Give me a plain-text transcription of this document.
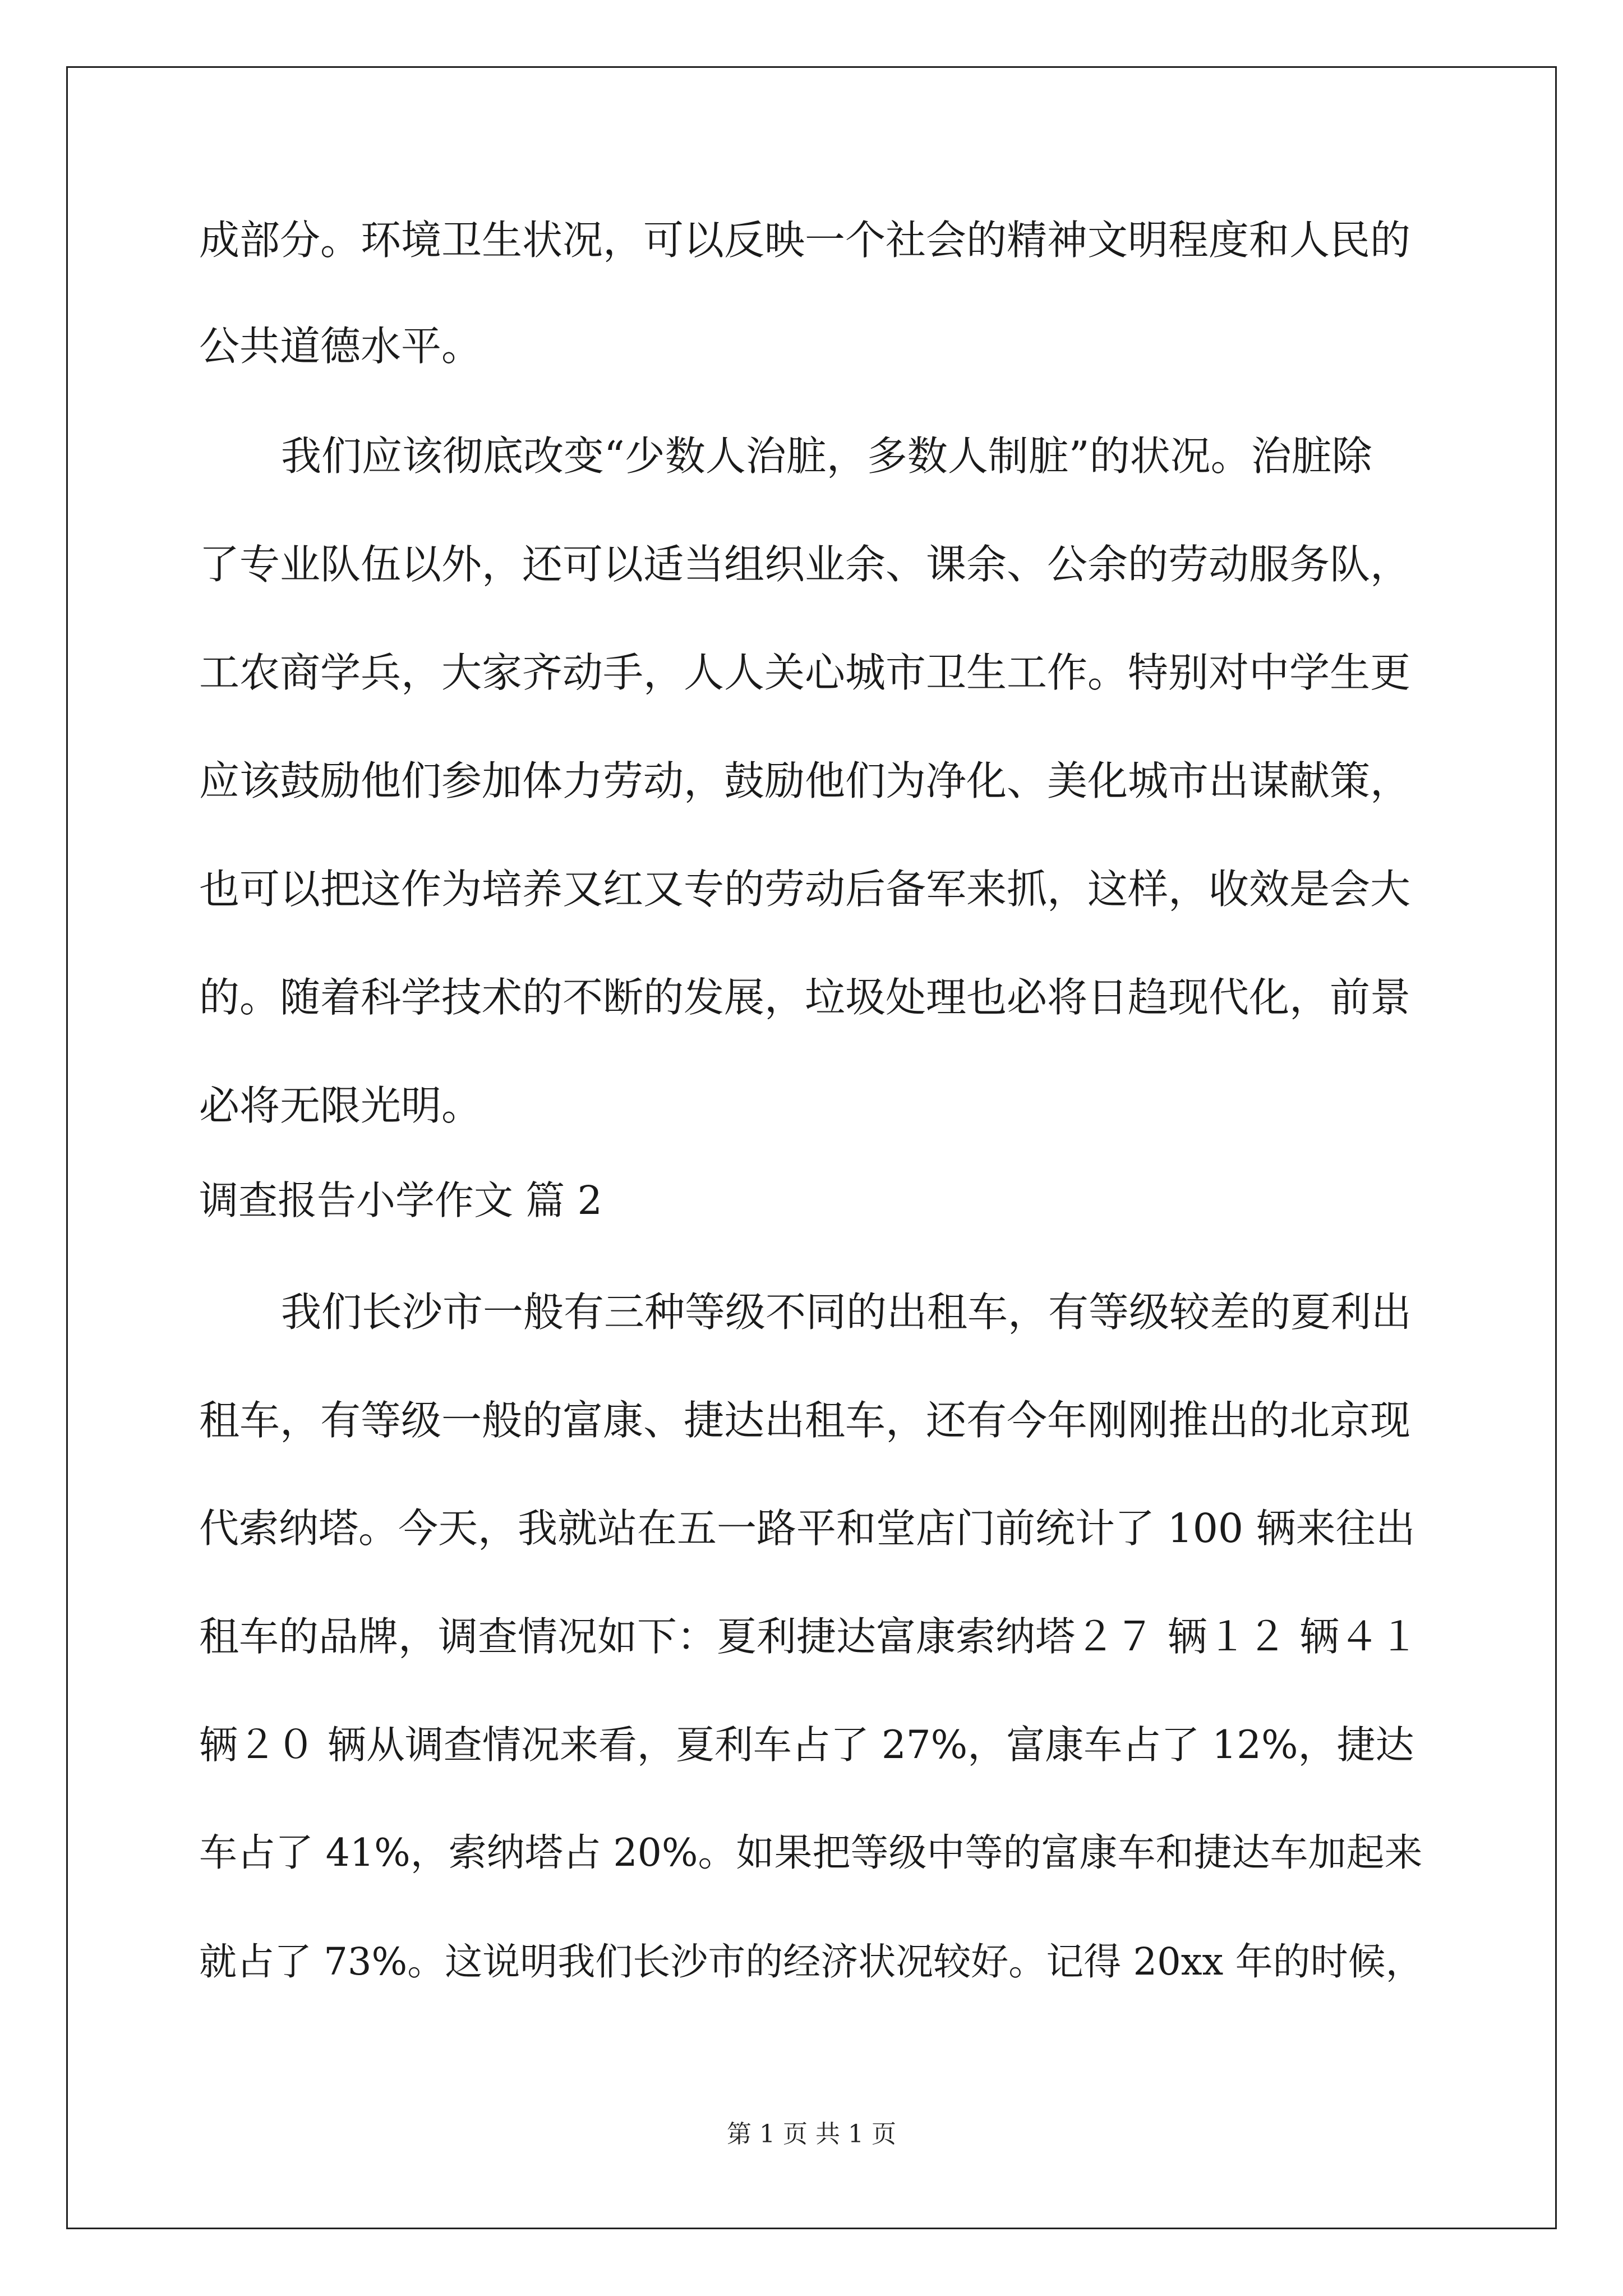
成部分。环境卫生状况，可以反映一个社会的精神文明程度和人民的
公共道德水平。
我们应该彻底改变“少数人治脏，多数人制脏”的状况。治脏除
了专业队伍以外，还可以适当组织业余、课余、公余的劳动服务队，
工农商学兵，大家齐动手，人人关心城市卫生工作。特别对中学生更
应该鼓励他们参加体力劳动，鼓励他们为净化、美化城市出谋献策，
也可以把这作为培养又红又专的劳动后备军来抓，这样，收效是会大
的。随着科学技术的不断的发展，垃圾处理也必将日趋现代化，前景
必将无限光明。
调查报告小学作文 篇 2
我们长沙市一般有三种等级不同的出租车，有等级较差的夏利出
租车，有等级一般的富康、捷达出租车，还有今年刚刚推出的北京现
代索纳塔。今天，我就站在五一路平和堂店门前统计了 100 辆来往出
租车的品牌，调查情况如下：夏利捷达富康索纳塔２７ 辆１２ 辆４１
辆２０ 辆从调查情况来看，夏利车占了 27%，富康车占了 12%，捷达
车占了 41%，索纳塔占 20%。如果把等级中等的富康车和捷达车加起来
就占了 73%。这说明我们长沙市的经济状况较好。记得 20xx 年的时候，
第 1 页 共 1 页
